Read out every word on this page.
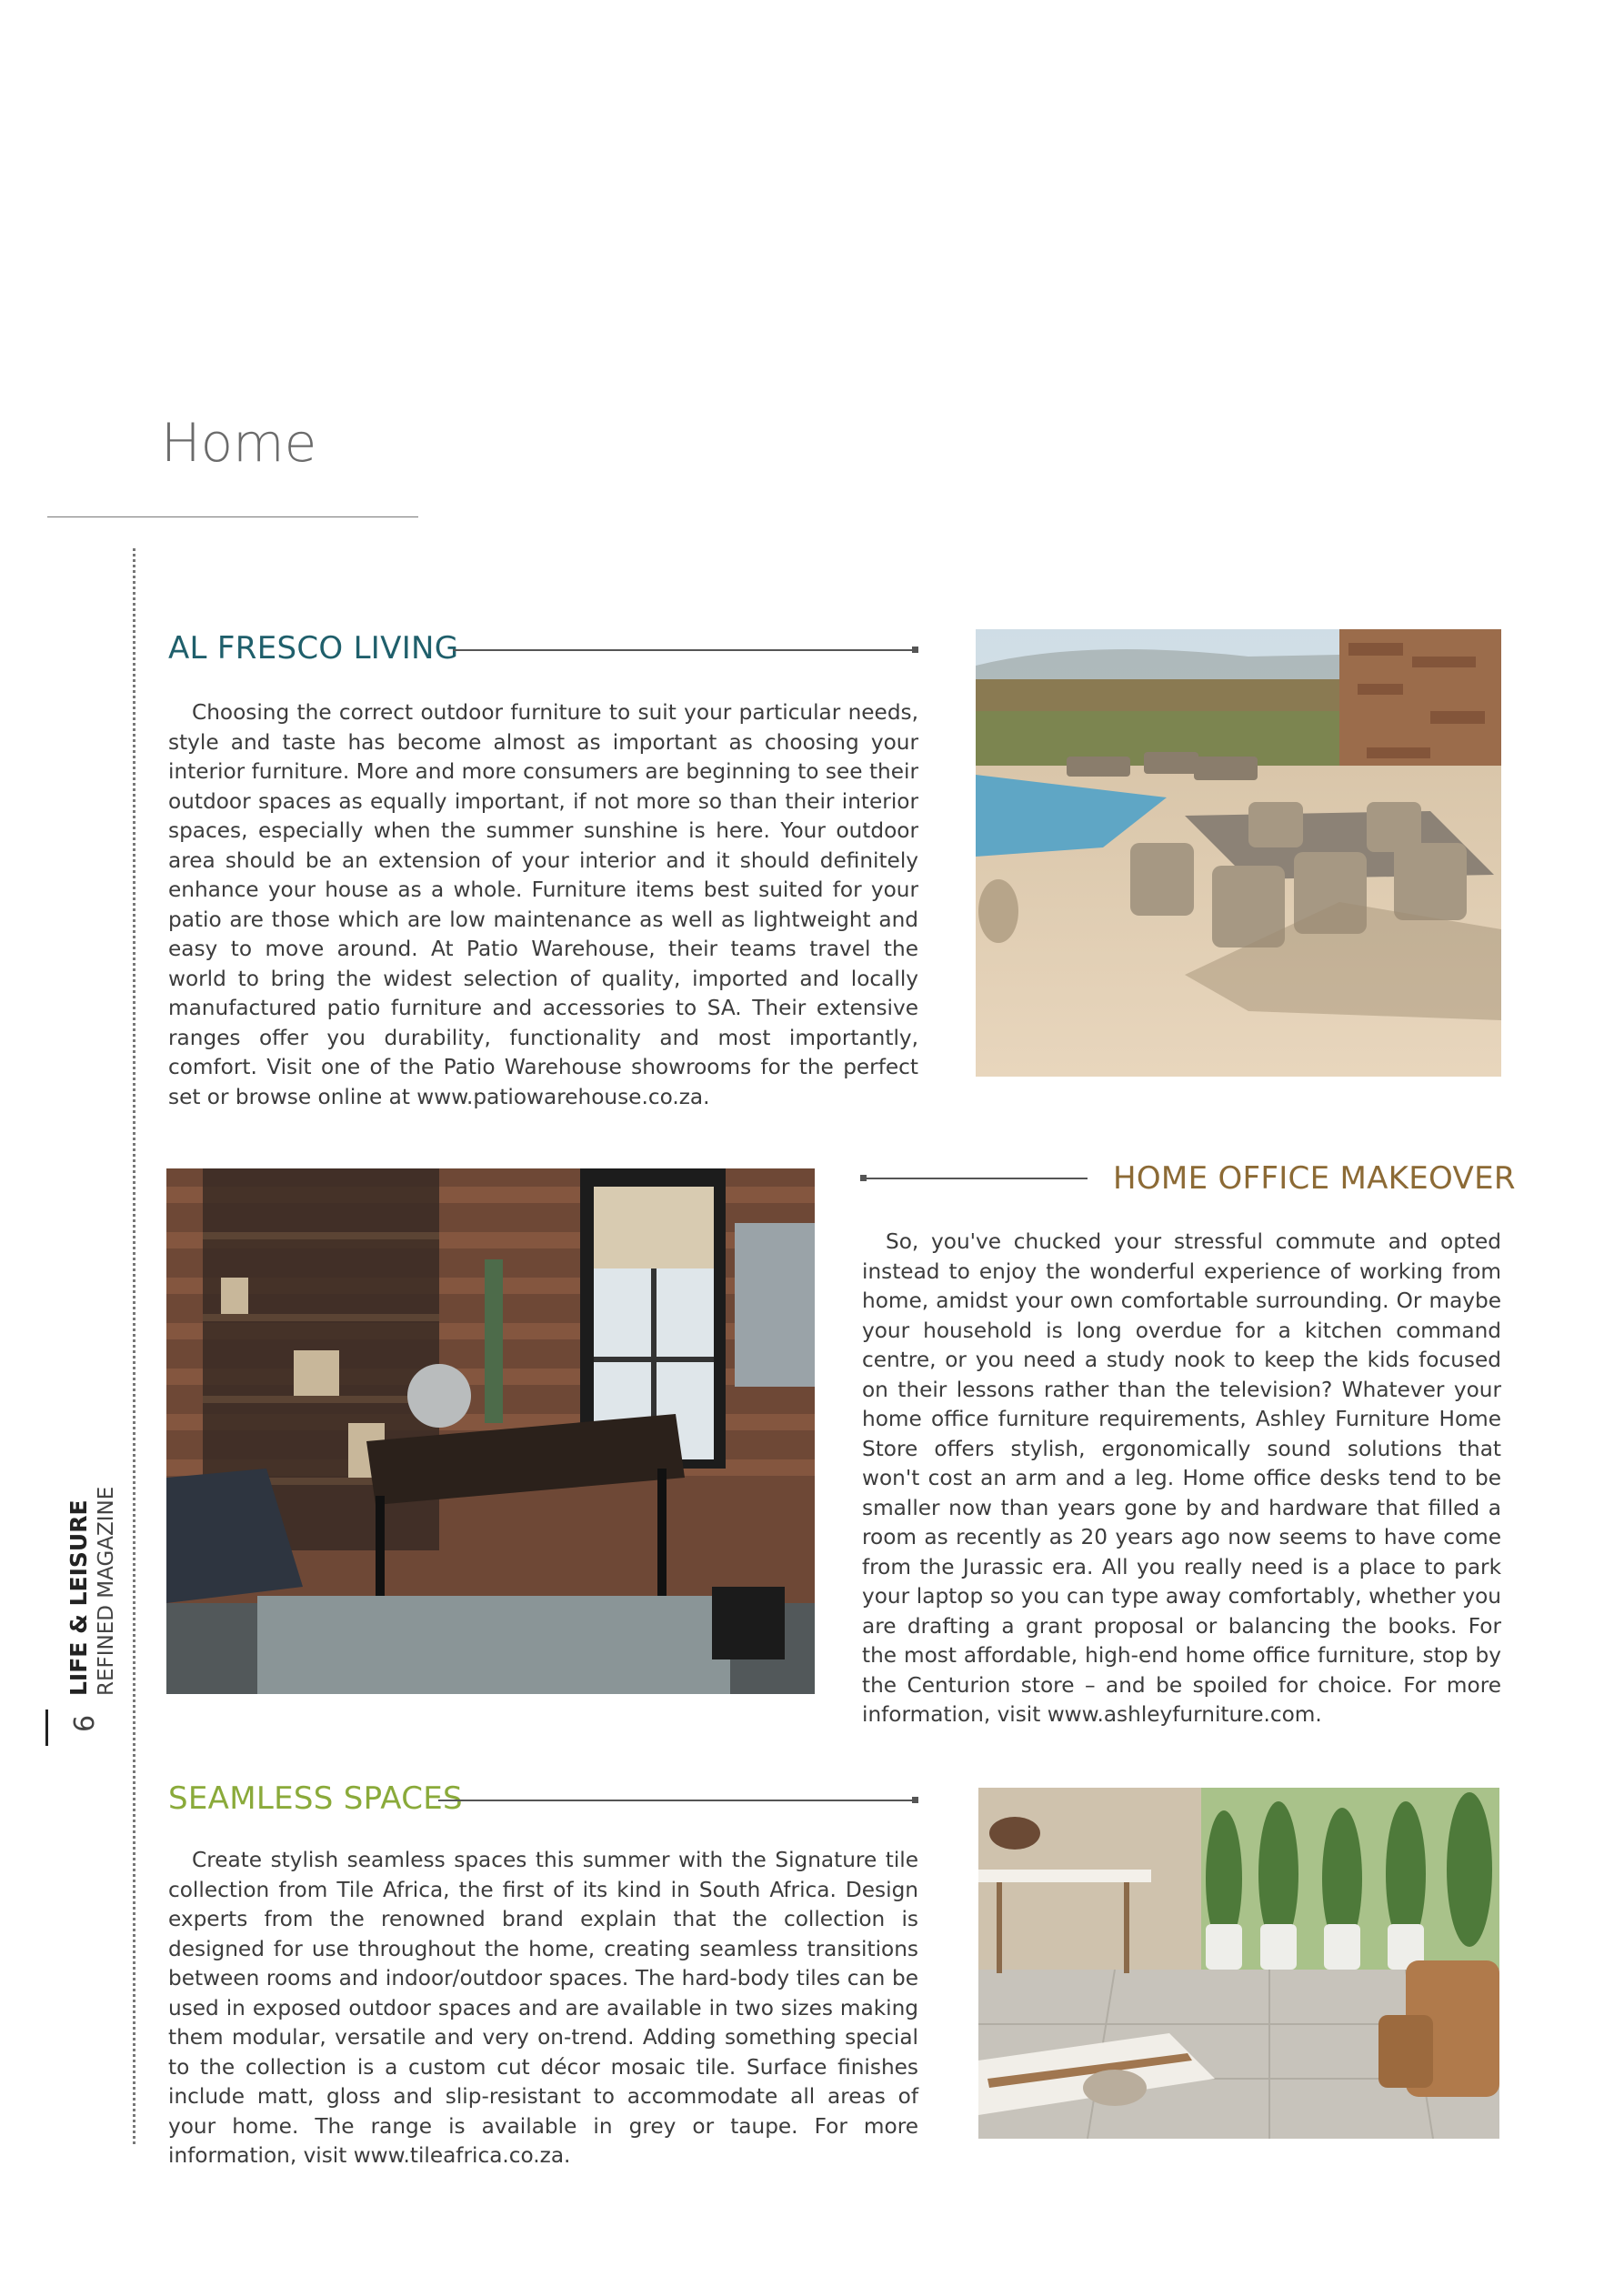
Home
LIFE & LEISURE REFINED MAGAZINE
6
AL FRESCO LIVING

Choosing the correct outdoor furniture to suit your particular needs, style and taste has become almost as important as choosing your interior furniture. More and more consumers are beginning to see their outdoor spaces as equally important, if not more so than their interior spaces, especially when the summer sunshine is here. Your outdoor area should be an extension of your interior and it should definitely enhance your house as a whole. Furniture items best suited for your patio are those which are low maintenance as well as lightweight and easy to move around. At Patio Warehouse, their teams travel the world to bring the widest selection of quality, imported and locally manufactured patio furniture and accessories to SA. Their extensive ranges offer you durability, functionality and most importantly, comfort. Visit one of the Patio Warehouse showrooms for the perfect set or browse online at www.patiowarehouse.co.za.

HOME OFFICE MAKEOVER

So, you've chucked your stressful commute and opted instead to enjoy the wonderful experience of working from home, amidst your own comfortable surrounding. Or maybe your household is long overdue for a kitchen command centre, or you need a study nook to keep the kids focused on their lessons rather than the television? Whatever your home office furniture requirements, Ashley Furniture Home Store offers stylish, ergonomically sound solutions that won't cost an arm and a leg. Home office desks tend to be smaller now than years gone by and hardware that filled a room as recently as 20 years ago now seems to have come from the Jurassic era. All you really need is a place to park your laptop so you can type away comfortably, whether you are drafting a grant proposal or balancing the books. For the most affordable, high-end home office furniture, stop by the Centurion store – and be spoiled for choice. For more information, visit www.ashleyfurniture.com.

SEAMLESS SPACES

Create stylish seamless spaces this summer with the Signature tile collection from Tile Africa, the first of its kind in South Africa. Design experts from the renowned brand explain that the collection is designed for use throughout the home, creating seamless transitions between rooms and indoor/outdoor spaces. The hard-body tiles can be used in exposed outdoor spaces and are available in two sizes making them modular, versatile and very on-trend. Adding something special to the collection is a custom cut décor mosaic tile. Surface finishes include matt, gloss and slip-resistant to accommodate all areas of your home. The range is available in grey or taupe. For more information, visit www.tileafrica.co.za.
